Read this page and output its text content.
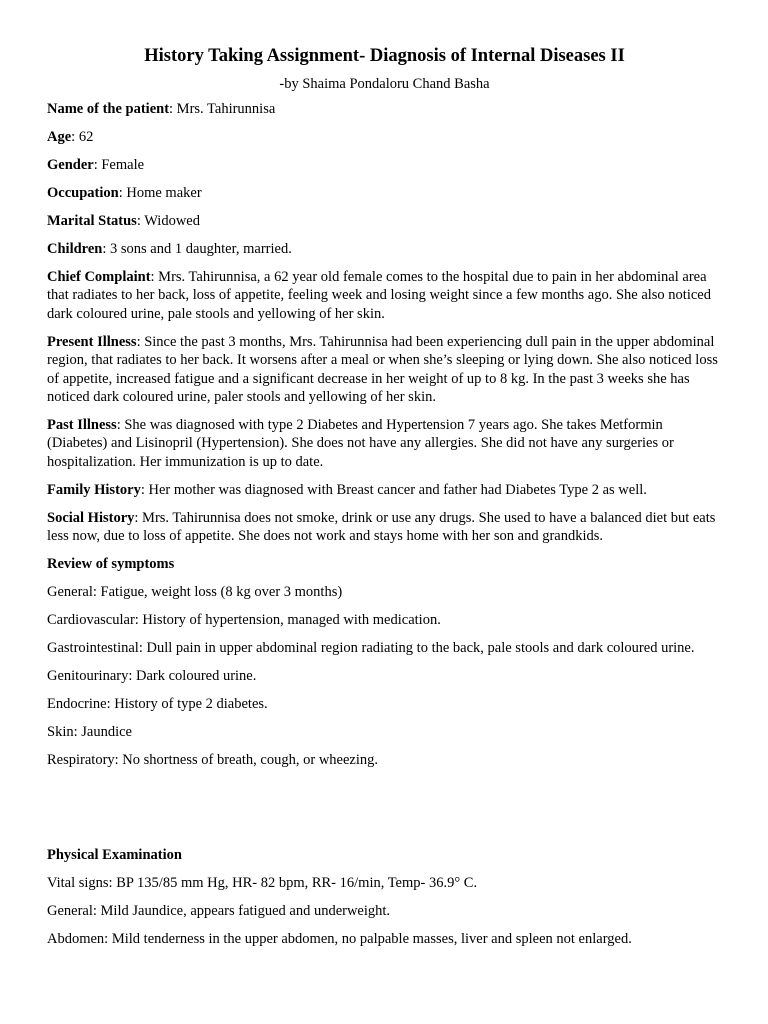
History Taking Assignment- Diagnosis of Internal Diseases II
-by Shaima Pondaloru Chand Basha

Name of the patient: Mrs. Tahirunnisa

Age: 62

Gender: Female

Occupation: Home maker

Marital Status: Widowed

Children: 3 sons and 1 daughter, married.

Chief Complaint: Mrs. Tahirunnisa, a 62 year old female comes to the hospital due to pain in her abdominal area that radiates to her back, loss of appetite, feeling week and losing weight since a few months ago. She also noticed dark coloured urine, pale stools and yellowing of her skin.

Present Illness: Since the past 3 months, Mrs. Tahirunnisa had been experiencing dull pain in the upper abdominal region, that radiates to her back. It worsens after a meal or when she’s sleeping or lying down. She also noticed loss of appetite, increased fatigue and a significant decrease in her weight of up to 8 kg. In the past 3 weeks she has noticed dark coloured urine, paler stools and yellowing of her skin.

Past Illness: She was diagnosed with type 2 Diabetes and Hypertension 7 years ago. She takes Metformin (Diabetes) and Lisinopril (Hypertension). She does not have any allergies. She did not have any surgeries or hospitalization. Her immunization is up to date.

Family History: Her mother was diagnosed with Breast cancer and father had Diabetes Type 2 as well.

Social History: Mrs. Tahirunnisa does not smoke, drink or use any drugs. She used to have a balanced diet but eats less now, due to loss of appetite. She does not work and stays home with her son and grandkids.

Review of symptoms

General: Fatigue, weight loss (8 kg over 3 months)

Cardiovascular: History of hypertension, managed with medication.

Gastrointestinal: Dull pain in upper abdominal region radiating to the back, pale stools and dark coloured urine.

Genitourinary: Dark coloured urine.

Endocrine: History of type 2 diabetes.

Skin: Jaundice

Respiratory: No shortness of breath, cough, or wheezing.

Physical Examination

Vital signs: BP 135/85 mm Hg, HR- 82 bpm, RR- 16/min, Temp- 36.9° C.

General: Mild Jaundice, appears fatigued and underweight.

Abdomen: Mild tenderness in the upper abdomen, no palpable masses, liver and spleen not enlarged.
